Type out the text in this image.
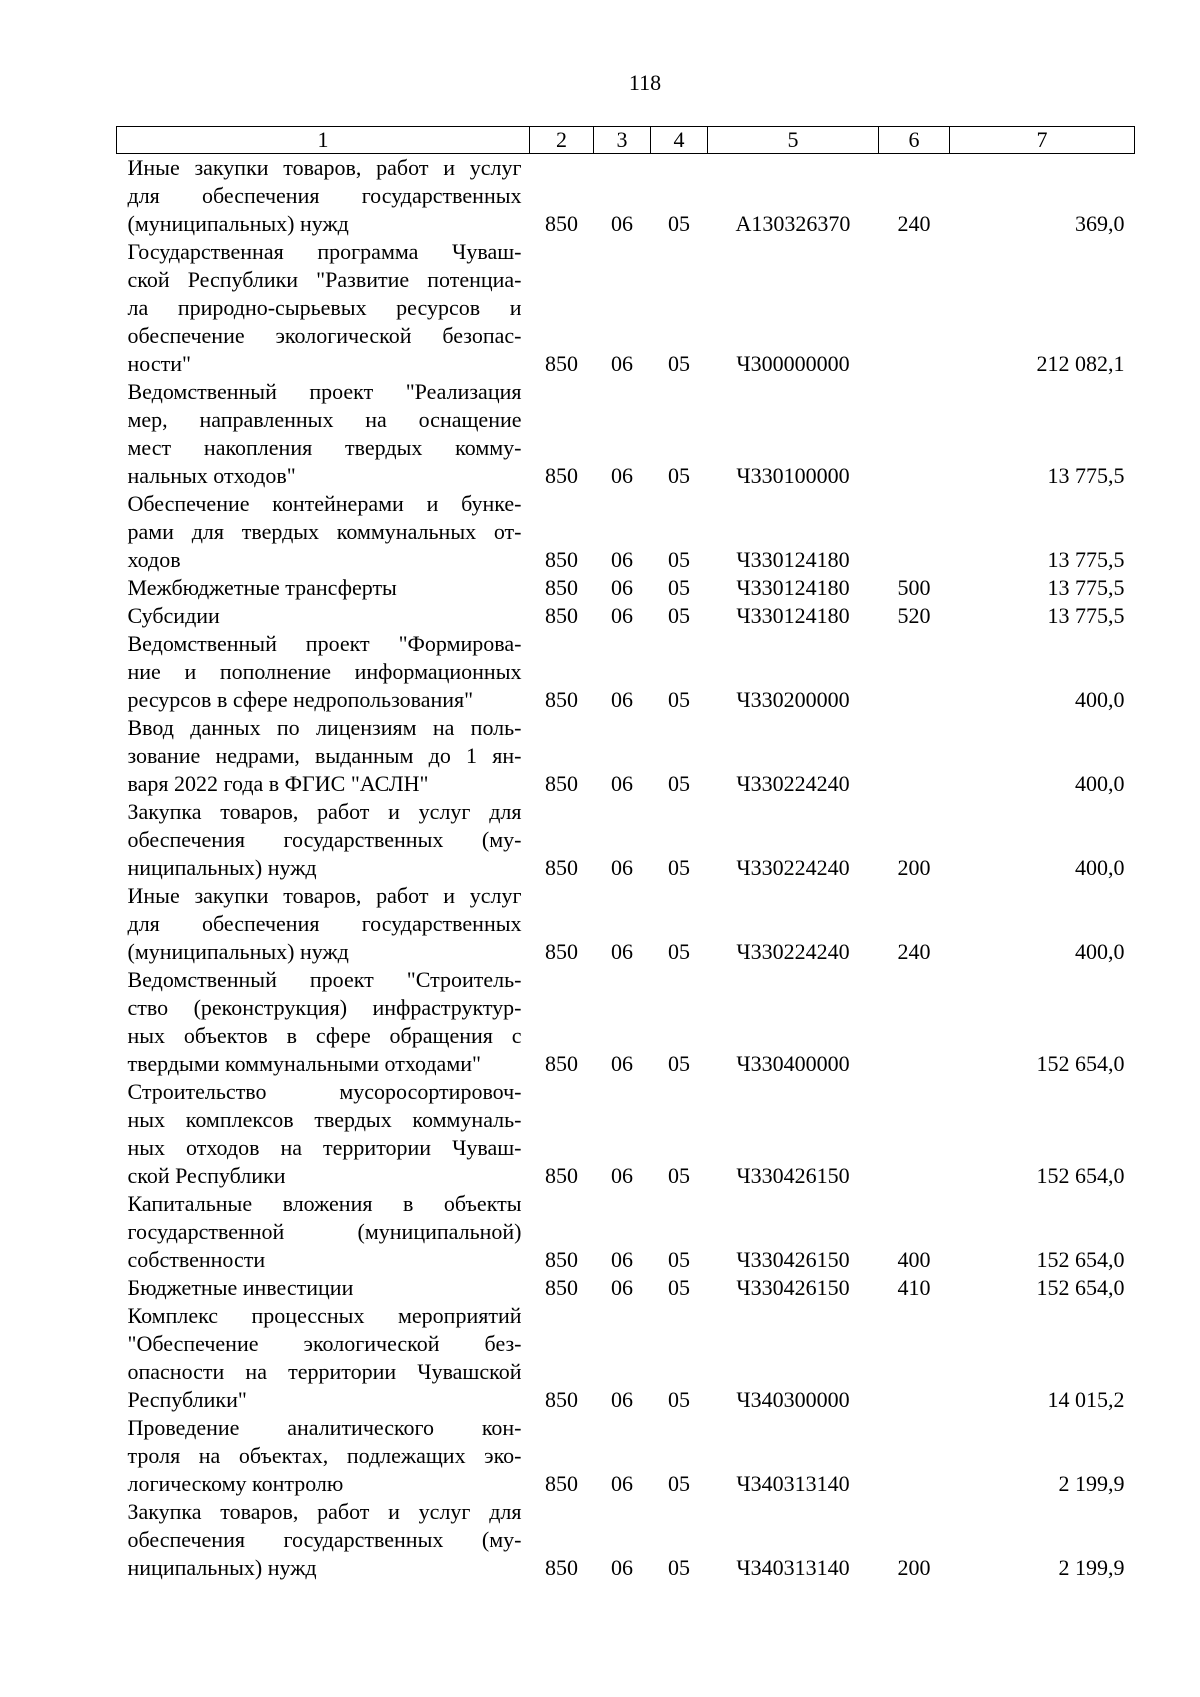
118
1	2	3	4	5	6	7

Иные закупки товаров, работ и услуг
для обеспечения государственных
(муниципальных) нужд	850	06	05	А130326370	240	369,0

Государственная программа Чуваш-
ской Республики "Развитие потенциа-
ла природно-сырьевых ресурсов и
обеспечение экологической безопас-
ности"	850	06	05	Ч300000000		212 082,1

Ведомственный проект "Реализация
мер, направленных на оснащение
мест накопления твердых комму-
нальных отходов"	850	06	05	Ч330100000		13 775,5

Обеспечение контейнерами и бунке-
рами для твердых коммунальных от-
ходов	850	06	05	Ч330124180		13 775,5

Межбюджетные трансферты	850	06	05	Ч330124180	500	13 775,5

Субсидии	850	06	05	Ч330124180	520	13 775,5

Ведомственный проект "Формирова-
ние и пополнение информационных
ресурсов в сфере недропользования"	850	06	05	Ч330200000		400,0

Ввод данных по лицензиям на поль-
зование недрами, выданным до 1 ян-
варя 2022 года в ФГИС "АСЛН"	850	06	05	Ч330224240		400,0

Закупка товаров, работ и услуг для
обеспечения государственных (му-
ниципальных) нужд	850	06	05	Ч330224240	200	400,0

Иные закупки товаров, работ и услуг
для обеспечения государственных
(муниципальных) нужд	850	06	05	Ч330224240	240	400,0

Ведомственный проект "Строитель-
ство (реконструкция) инфраструктур-
ных объектов в сфере обращения с
твердыми коммунальными отходами"	850	06	05	Ч330400000		152 654,0

Строительство мусоросортировоч-
ных комплексов твердых коммуналь-
ных отходов на территории Чуваш-
ской Республики	850	06	05	Ч330426150		152 654,0

Капитальные вложения в объекты
государственной (муниципальной)
собственности	850	06	05	Ч330426150	400	152 654,0

Бюджетные инвестиции	850	06	05	Ч330426150	410	152 654,0

Комплекс процессных мероприятий
"Обеспечение экологической без-
опасности на территории Чувашской
Республики"	850	06	05	Ч340300000		14 015,2

Проведение аналитического кон-
троля на объектах, подлежащих эко-
логическому контролю	850	06	05	Ч340313140		2 199,9

Закупка товаров, работ и услуг для
обеспечения государственных (му-
ниципальных) нужд	850	06	05	Ч340313140	200	2 199,9
